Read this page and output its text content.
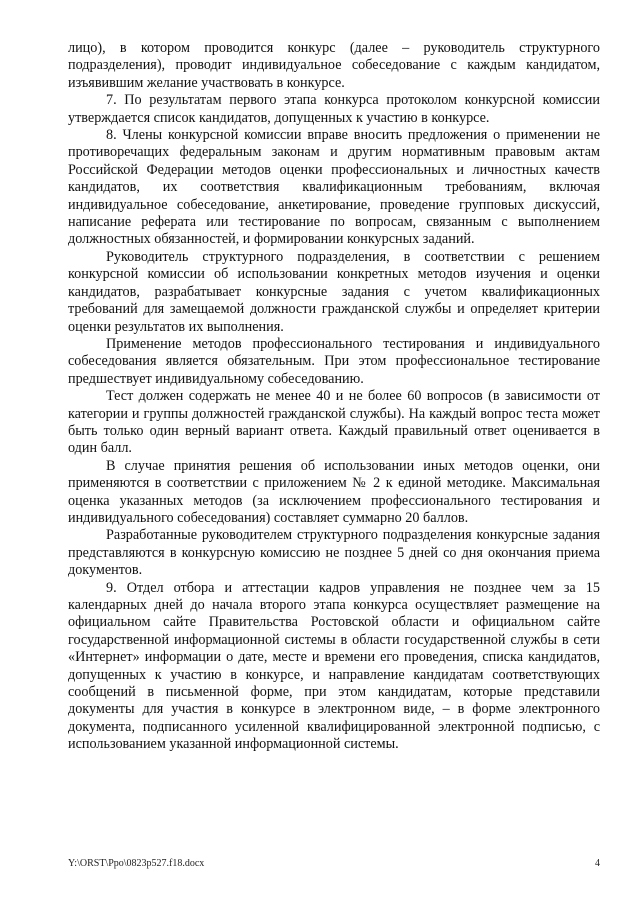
лицо), в котором проводится конкурс (далее – руководитель структурного подразделения), проводит индивидуальное собеседование с каждым кандидатом, изъявившим желание участвовать в конкурсе.

7. По результатам первого этапа конкурса протоколом конкурсной комиссии утверждается список кандидатов, допущенных к участию в конкурсе.

8. Члены конкурсной комиссии вправе вносить предложения о применении не противоречащих федеральным законам и другим нормативным правовым актам Российской Федерации методов оценки профессиональных и личностных качеств кандидатов, их соответствия квалификационным требованиям, включая индивидуальное собеседование, анкетирование, проведение групповых дискуссий, написание реферата или тестирование по вопросам, связанным с выполнением должностных обязанностей, и формировании конкурсных заданий.

Руководитель структурного подразделения, в соответствии с решением конкурсной комиссии об использовании конкретных методов изучения и оценки кандидатов, разрабатывает конкурсные задания с учетом квалификационных требований для замещаемой должности гражданской службы и определяет критерии оценки результатов их выполнения.

Применение методов профессионального тестирования и индивидуального собеседования является обязательным. При этом профессиональное тестирование предшествует индивидуальному собеседованию.

Тест должен содержать не менее 40 и не более 60 вопросов (в зависимости от категории и группы должностей гражданской службы). На каждый вопрос теста может быть только один верный вариант ответа. Каждый правильный ответ оценивается в один балл.

В случае принятия решения об использовании иных методов оценки, они применяются в соответствии с приложением № 2 к единой методике. Максимальная оценка указанных методов (за исключением профессионального тестирования и индивидуального собеседования) составляет суммарно 20 баллов.

Разработанные руководителем структурного подразделения конкурсные задания представляются в конкурсную комиссию не позднее 5 дней со дня окончания приема документов.

9. Отдел отбора и аттестации кадров управления не позднее чем за 15 календарных дней до начала второго этапа конкурса осуществляет размещение на официальном сайте Правительства Ростовской области и официальном сайте государственной информационной системы в области государственной службы в сети «Интернет» информации о дате, месте и времени его проведения, списка кандидатов, допущенных к участию в конкурсе, и направление кандидатам соответствующих сообщений в письменной форме, при этом кандидатам, которые представили документы для участия в конкурсе в электронном виде, – в форме электронного документа, подписанного усиленной квалифицированной электронной подписью, с использованием указанной информационной системы.

Y:\ORST\Ppo\0823p527.f18.docx	4
